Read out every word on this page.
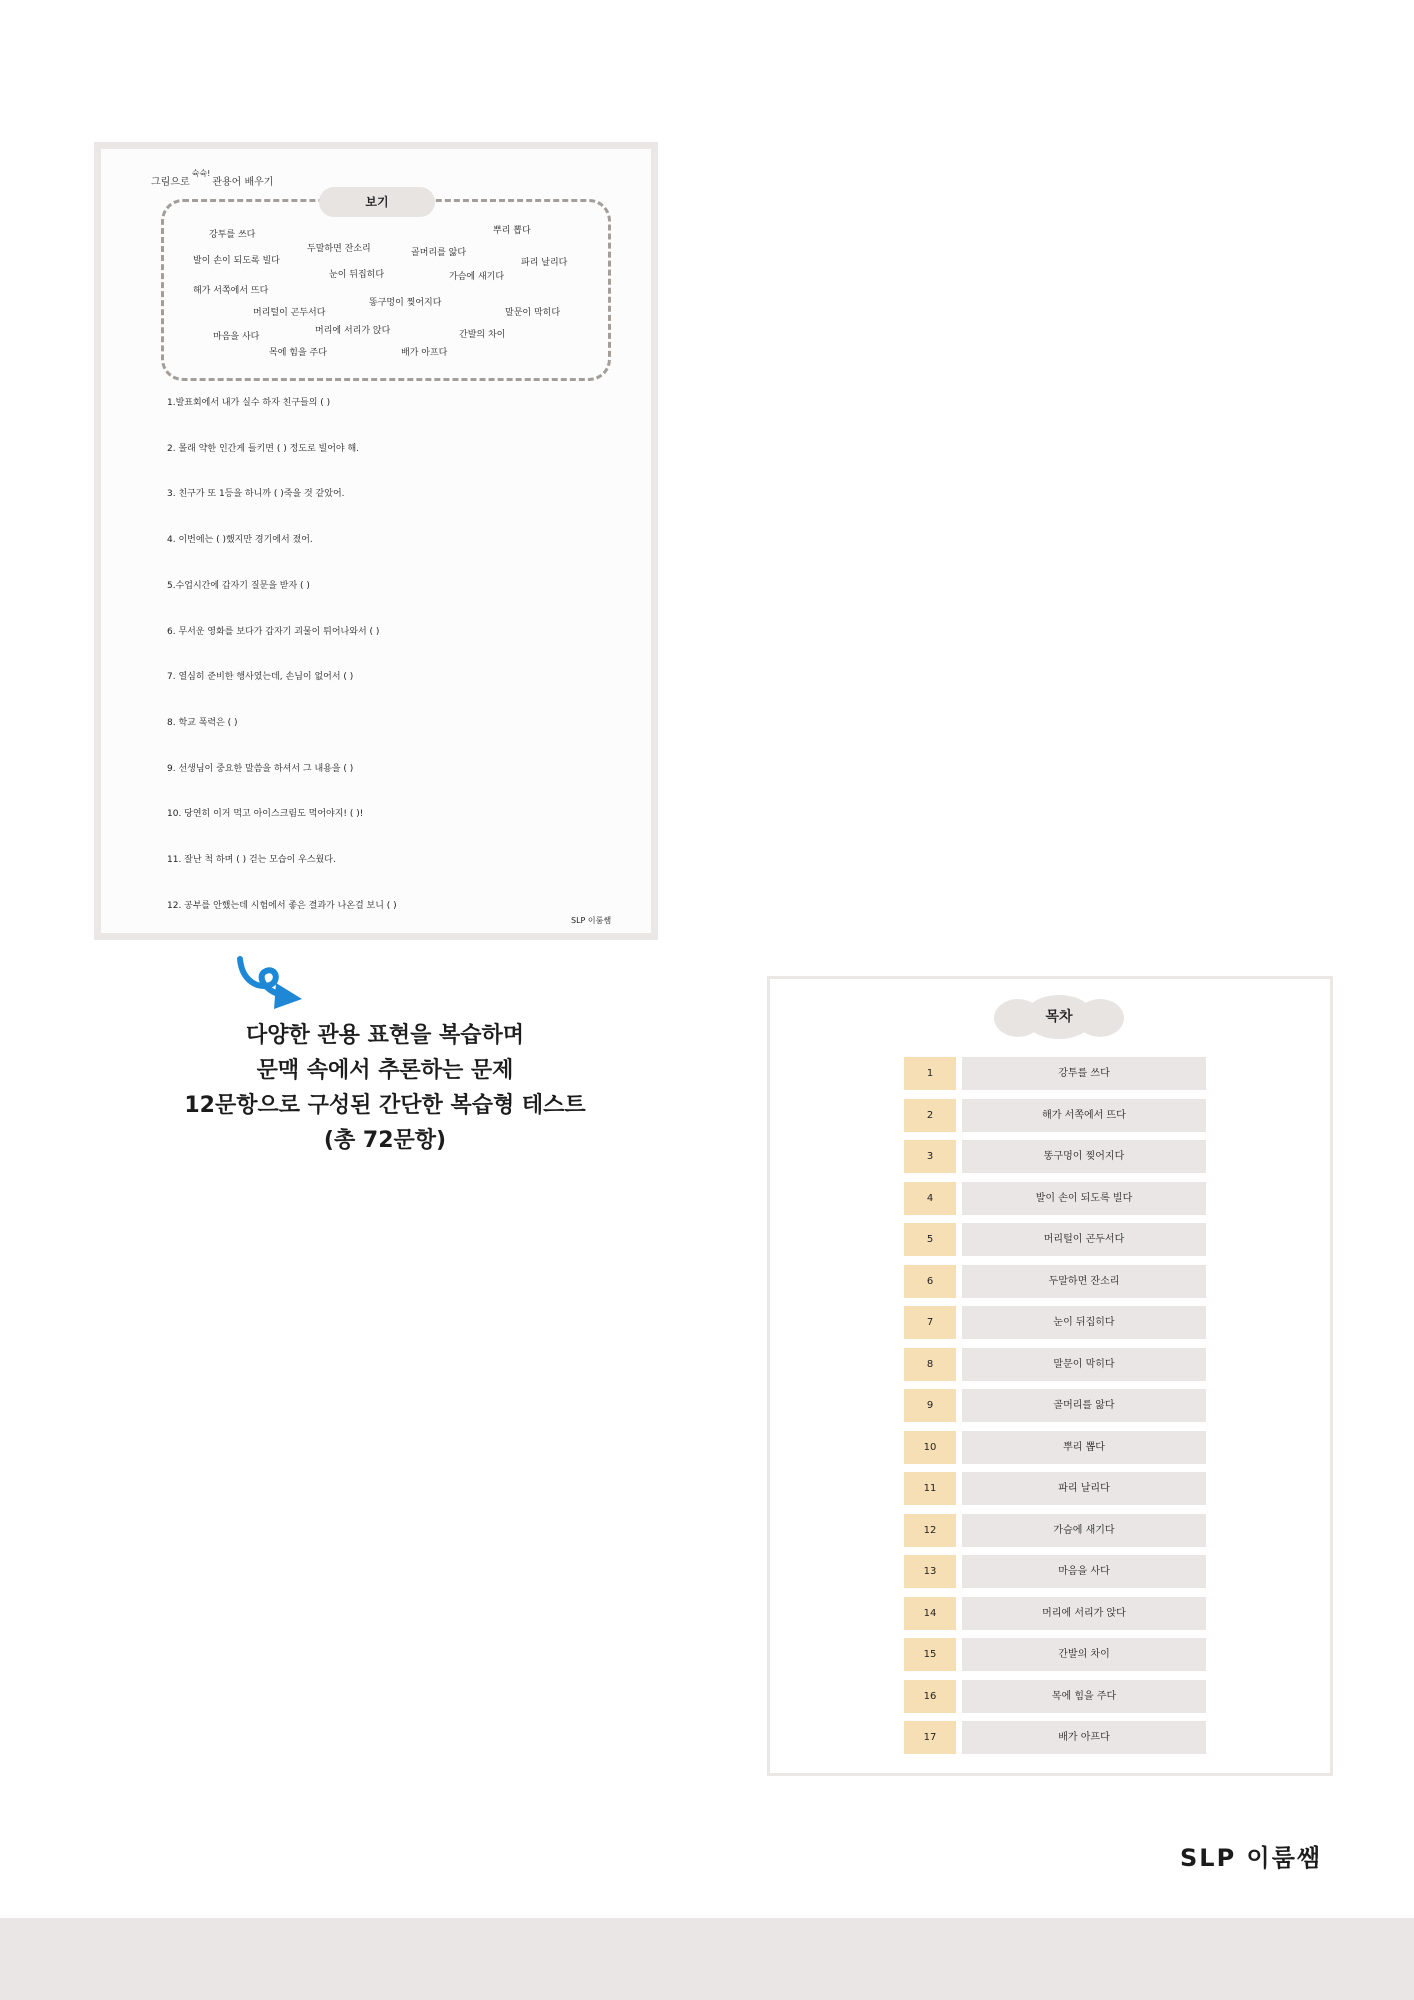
그림으로$^{슉슉!}$관용어 배우기
보기
강투를 쓰다	뿌리 뽑다
두말하면 잔소리
발이 손이 되도록 빌다
골머리를 앓다
파리 날리다
눈이 뒤집히다	가슴에 새기다
해가 서쪽에서 뜨다
똥구멍이 찢어지다
머리털이 곤두서다	말문이 막히다
머리에 서리가 앉다	간발의 차이
마음을 사다
목에 힘을 주다	배가 아프다
1.발표회에서 내가 실수 하자 친구들의 ( )
2. 몰래 약한 인간게 들키면 ( ) 정도로 빌어야 해.
3. 친구가 또 1등을 하니까 ( )죽을 것 같았어.
4. 이번에는 ( )했지만 경기에서 졌어.
5.수업시간에 갑자기 질문을 받자 ( )
6. 무서운 영화를 보다가 갑자기 괴물이 튀어나와서 ( )
7. 열심히 준비한 행사였는데, 손님이 없어서 ( )
8. 학교 폭력은 ( )
9. 선생님이 중요한 말씀을 하셔서 그 내용을 ( )
10. 당연히 이거 먹고 아이스크림도 먹어야지! ( )!
11. 잘난 척 하며 ( ) 걷는 모습이 우스웠다.
12. 공부를 안했는데 시험에서 좋은 결과가 나온걸 보니 ( )
SLP 이룸쌤
다양한 관용 표현을 복습하며
문맥 속에서 추론하는 문제
12문항으로 구성된 간단한 복습형 테스트
(총 72문항)
목차
1	강투를 쓰다
2	해가 서쪽에서 뜨다
3	똥구멍이 찢어지다
4	발이 손이 되도록 빌다
5	머리털이 곤두서다
6	두말하면 잔소리
7	눈이 뒤집히다
8	말문이 막히다
9	골머리를 앓다
10	뿌리 뽑다
11	파리 날리다
12	가슴에 새기다
13	마음을 사다
14	머리에 서리가 앉다
15	간발의 차이
16	목에 힘을 주다
17	배가 아프다
SLP 이룸쌤
